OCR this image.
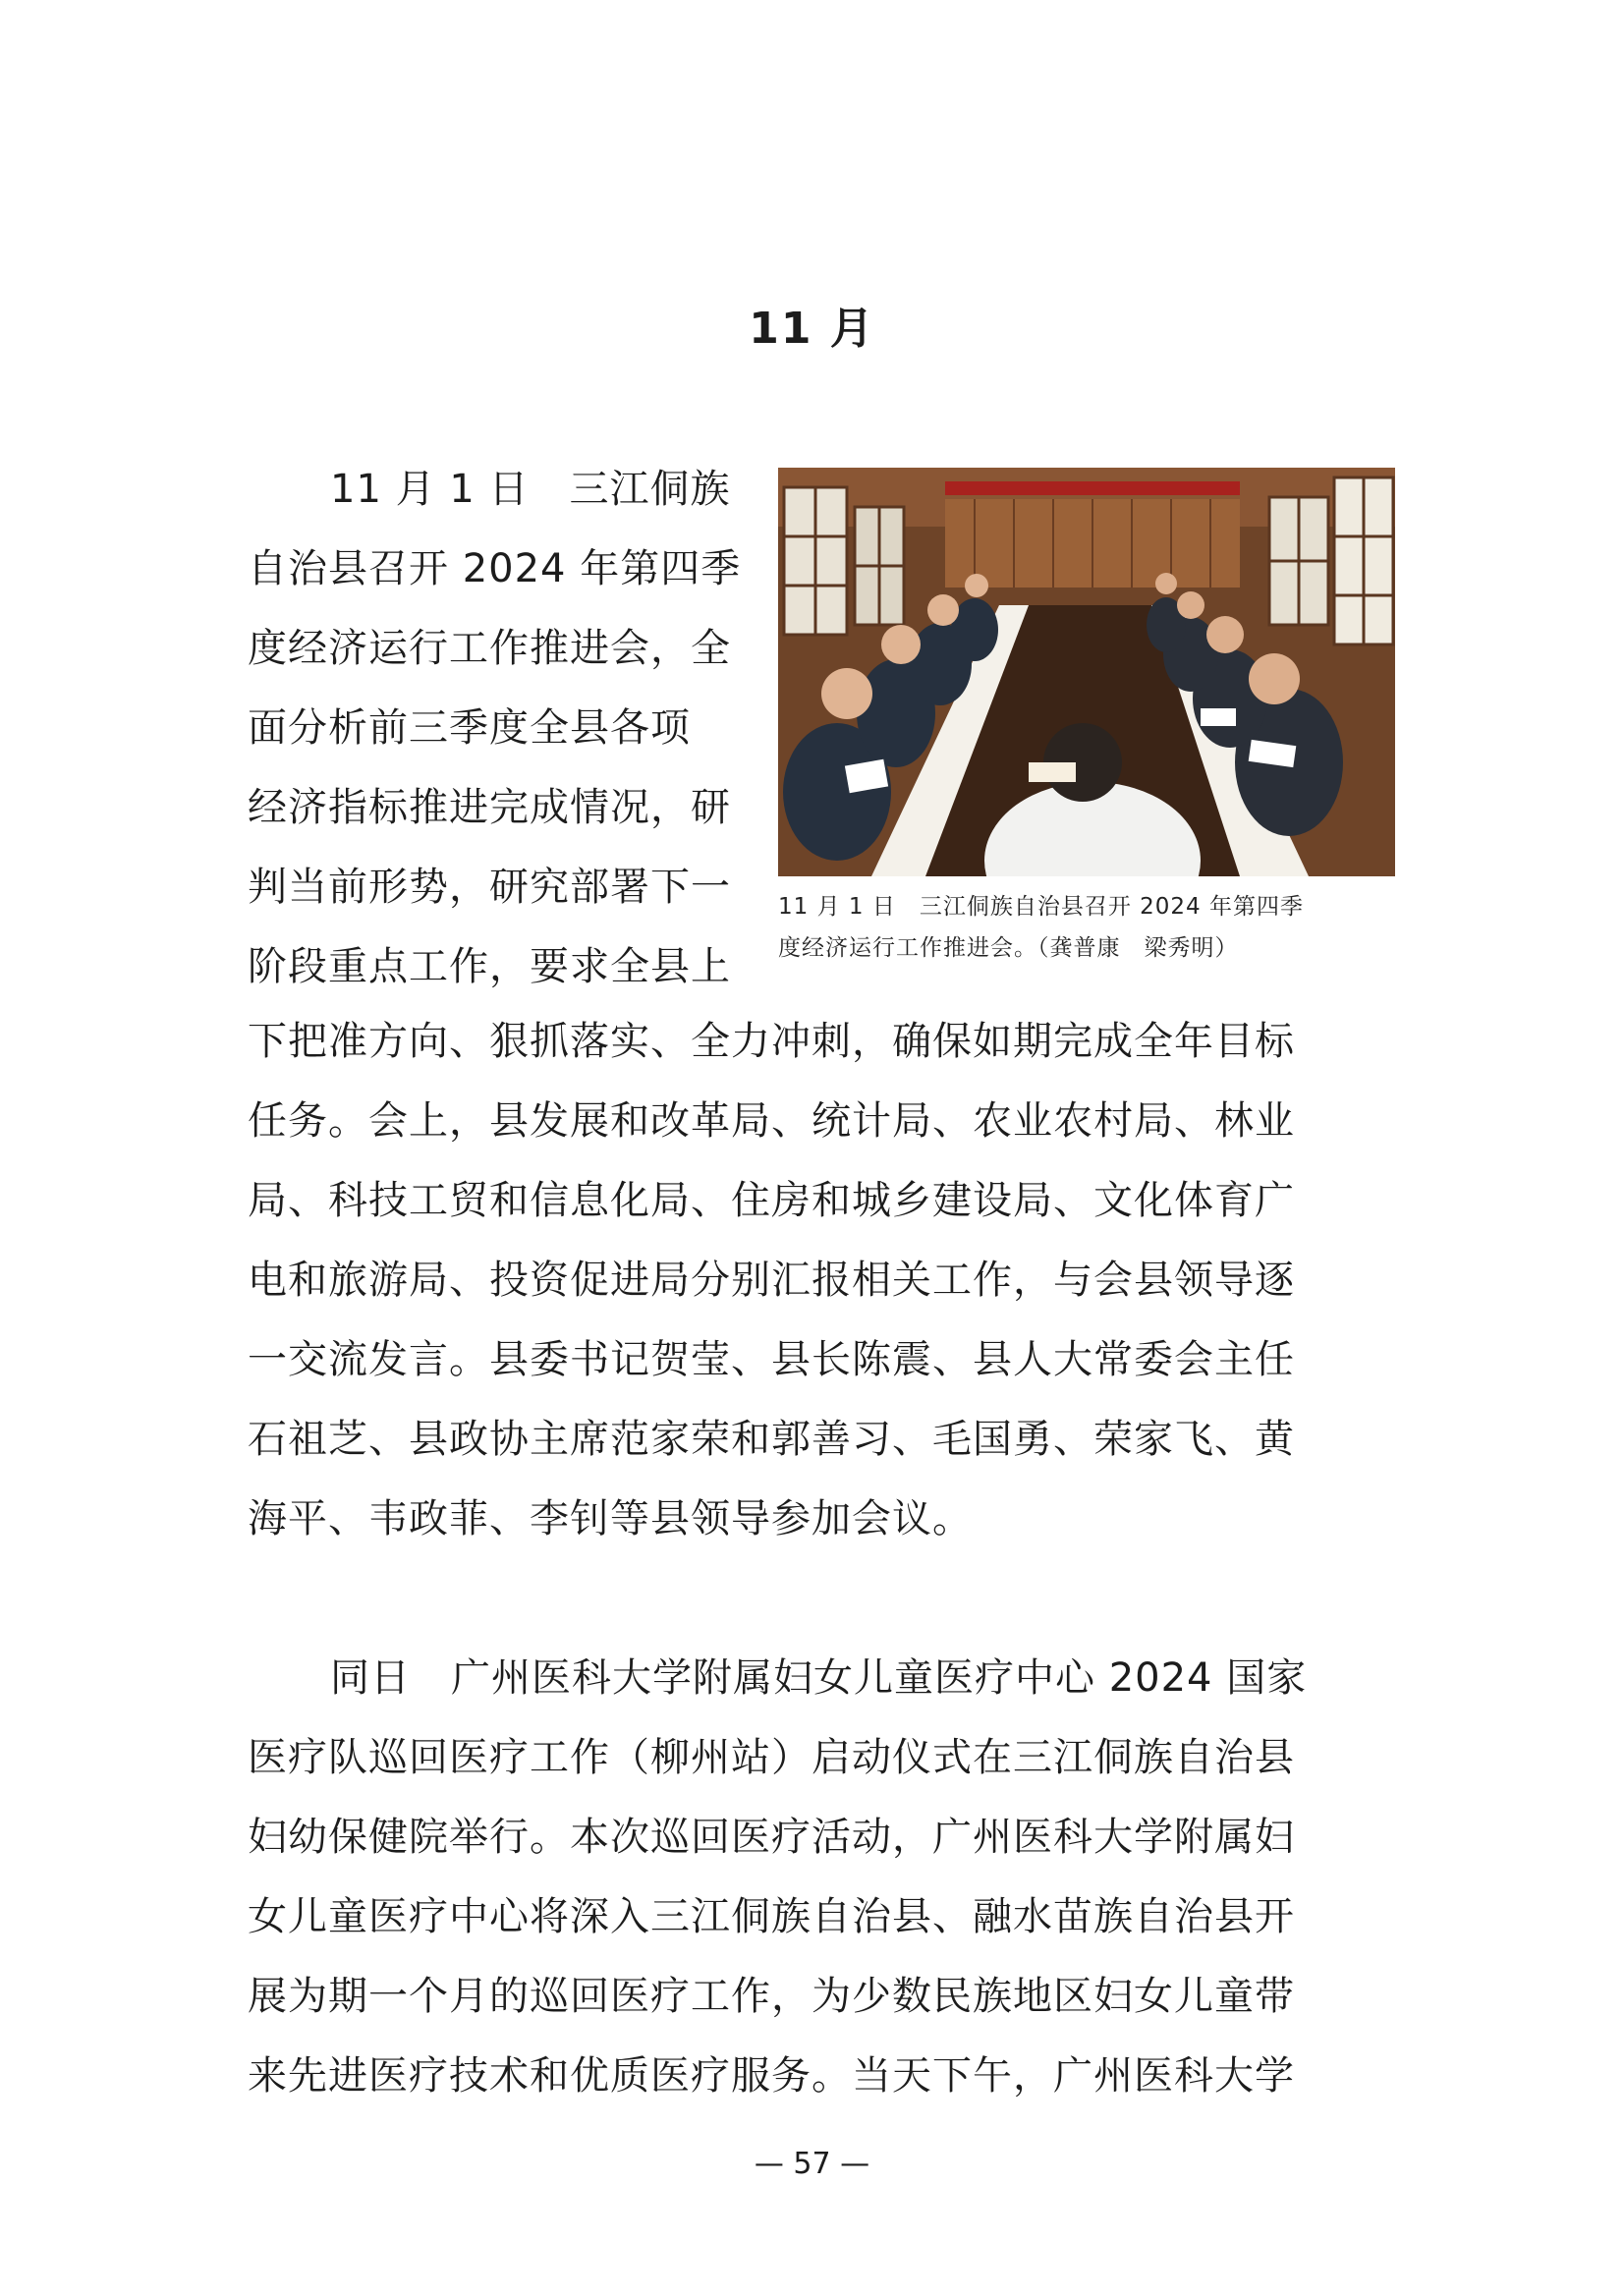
11 月

11 月 1 日　三江侗族

自治县召开 2024 年第四季

度经济运行工作推进会，全

面分析前三季度全县各项

经济指标推进完成情况，研

判当前形势，研究部署下一

阶段重点工作，要求全县上

11 月 1 日　三江侗族自治县召开 2024 年第四季
度经济运行工作推进会。（龚普康　梁秀明）

下把准方向、狠抓落实、全力冲刺，确保如期完成全年目标

任务。会上，县发展和改革局、统计局、农业农村局、林业

局、科技工贸和信息化局、住房和城乡建设局、文化体育广

电和旅游局、投资促进局分别汇报相关工作，与会县领导逐

一交流发言。县委书记贺莹、县长陈震、县人大常委会主任

石祖芝、县政协主席范家荣和郭善习、毛国勇、荣家飞、黄

海平、韦政菲、李钊等县领导参加会议。

同日　广州医科大学附属妇女儿童医疗中心 2024 国家

医疗队巡回医疗工作（柳州站）启动仪式在三江侗族自治县

妇幼保健院举行。本次巡回医疗活动，广州医科大学附属妇

女儿童医疗中心将深入三江侗族自治县、融水苗族自治县开

展为期一个月的巡回医疗工作，为少数民族地区妇女儿童带

来先进医疗技术和优质医疗服务。当天下午，广州医科大学

— 57 —
